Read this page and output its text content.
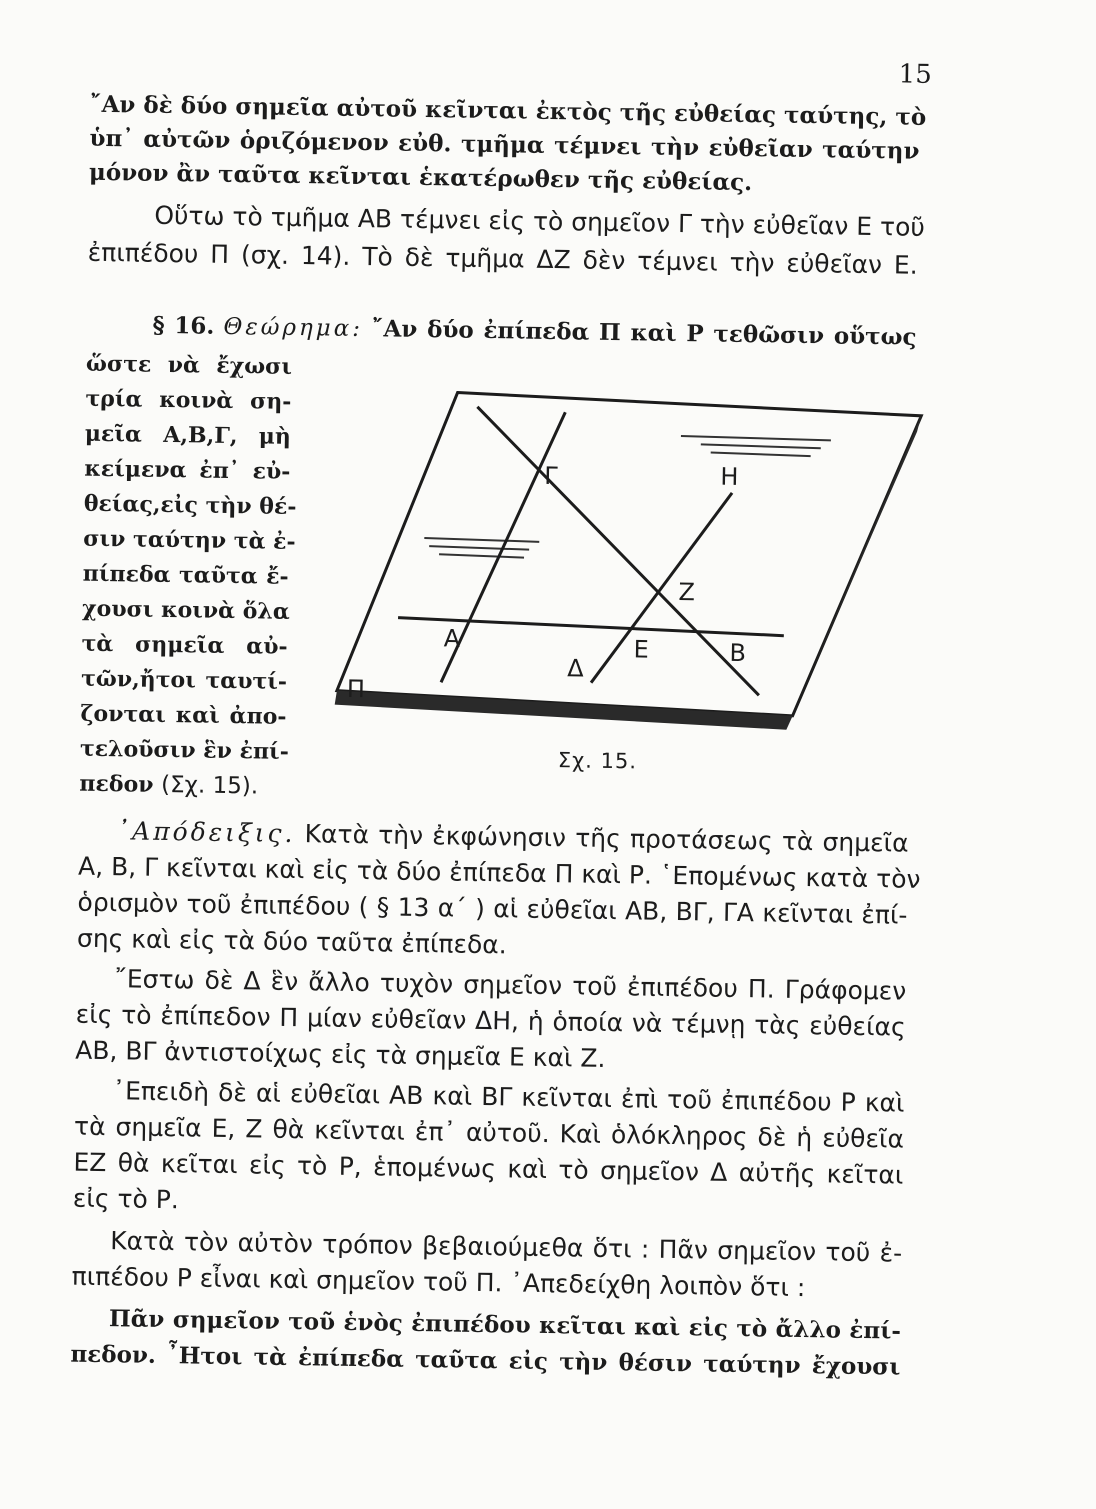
15
῎Αν δὲ δύο σημεῖα αὐτοῦ κεῖνται ἐκτὸς τῆς εὐθείας ταύτης, τὸ
ὑπ᾿ αὐτῶν ὁριζόμενον εὐθ. τμῆμα τέμνει τὴν εὐθεῖαν ταύτην
μόνον ἂν ταῦτα κεῖνται ἑκατέρωθεν τῆς εὐθείας.
Οὕτω τὸ τμῆμα ΑΒ τέμνει εἰς τὸ σημεῖον Γ τὴν εὐθεῖαν Ε τοῦ
ἐπιπέδου Π (σχ. 14). Τὸ δὲ τμῆμα ΔΖ δὲν τέμνει τὴν εὐθεῖαν Ε.
§ 16. Θεώρημα: ῎Αν δύο ἐπίπεδα Π καὶ Ρ τεθῶσιν οὕτως
ὥστε νὰ ἔχωσι
τρία κοινὰ ση-
μεῖα Α,Β,Γ, μὴ
κείμενα ἐπ᾿ εὐ-
θείας,εἰς τὴν θέ-
σιν ταύτην τὰ ἐ-
πίπεδα ταῦτα ἔ-
χουσι κοινὰ ὅλα
τὰ σημεῖα αὐ-
τῶν,ἤτοι ταυτί-
ζονται καὶ ἀπο-
τελοῦσιν ἓν ἐπί-
πεδον (Σχ. 15).
Π
Α
Β
Γ
Δ
Ε
Ζ
Η
Σχ. 15.
᾿Απόδειξις. Κατὰ τὴν ἐκφώνησιν τῆς προτάσεως τὰ σημεῖα
Α, Β, Γ κεῖνται καὶ εἰς τὰ δύο ἐπίπεδα Π καὶ Ρ. ῾Επομένως κατὰ τὸν
ὁρισμὸν τοῦ ἐπιπέδου ( § 13 α΄ ) αἱ εὐθεῖαι ΑΒ, ΒΓ, ΓΑ κεῖνται ἐπί-
σης καὶ εἰς τὰ δύο ταῦτα ἐπίπεδα.
῎Εστω δὲ Δ ἓν ἄλλο τυχὸν σημεῖον τοῦ ἐπιπέδου Π. Γράφομεν
εἰς τὸ ἐπίπεδον Π μίαν εὐθεῖαν ΔΗ, ἡ ὁποία νὰ τέμνῃ τὰς εὐθείας
ΑΒ, ΒΓ ἀντιστοίχως εἰς τὰ σημεῖα Ε καὶ Ζ.
᾿Επειδὴ δὲ αἱ εὐθεῖαι ΑΒ καὶ ΒΓ κεῖνται ἐπὶ τοῦ ἐπιπέδου Ρ καὶ
τὰ σημεῖα Ε, Ζ θὰ κεῖνται ἐπ᾿ αὐτοῦ. Καὶ ὁλόκληρος δὲ ἡ εὐθεῖα
ΕΖ θὰ κεῖται εἰς τὸ Ρ, ἑπομένως καὶ τὸ σημεῖον Δ αὐτῆς κεῖται
εἰς τὸ Ρ.
Κατὰ τὸν αὐτὸν τρόπον βεβαιούμεθα ὅτι : Πᾶν σημεῖον τοῦ ἐ-
πιπέδου Ρ εἶναι καὶ σημεῖον τοῦ Π. ᾿Απεδείχθη λοιπὸν ὅτι :
Πᾶν σημεῖον τοῦ ἑνὸς ἐπιπέδου κεῖται καὶ εἰς τὸ ἄλλο ἐπί-
πεδον. ῏Ητοι τὰ ἐπίπεδα ταῦτα εἰς τὴν θέσιν ταύτην ἔχουσι
